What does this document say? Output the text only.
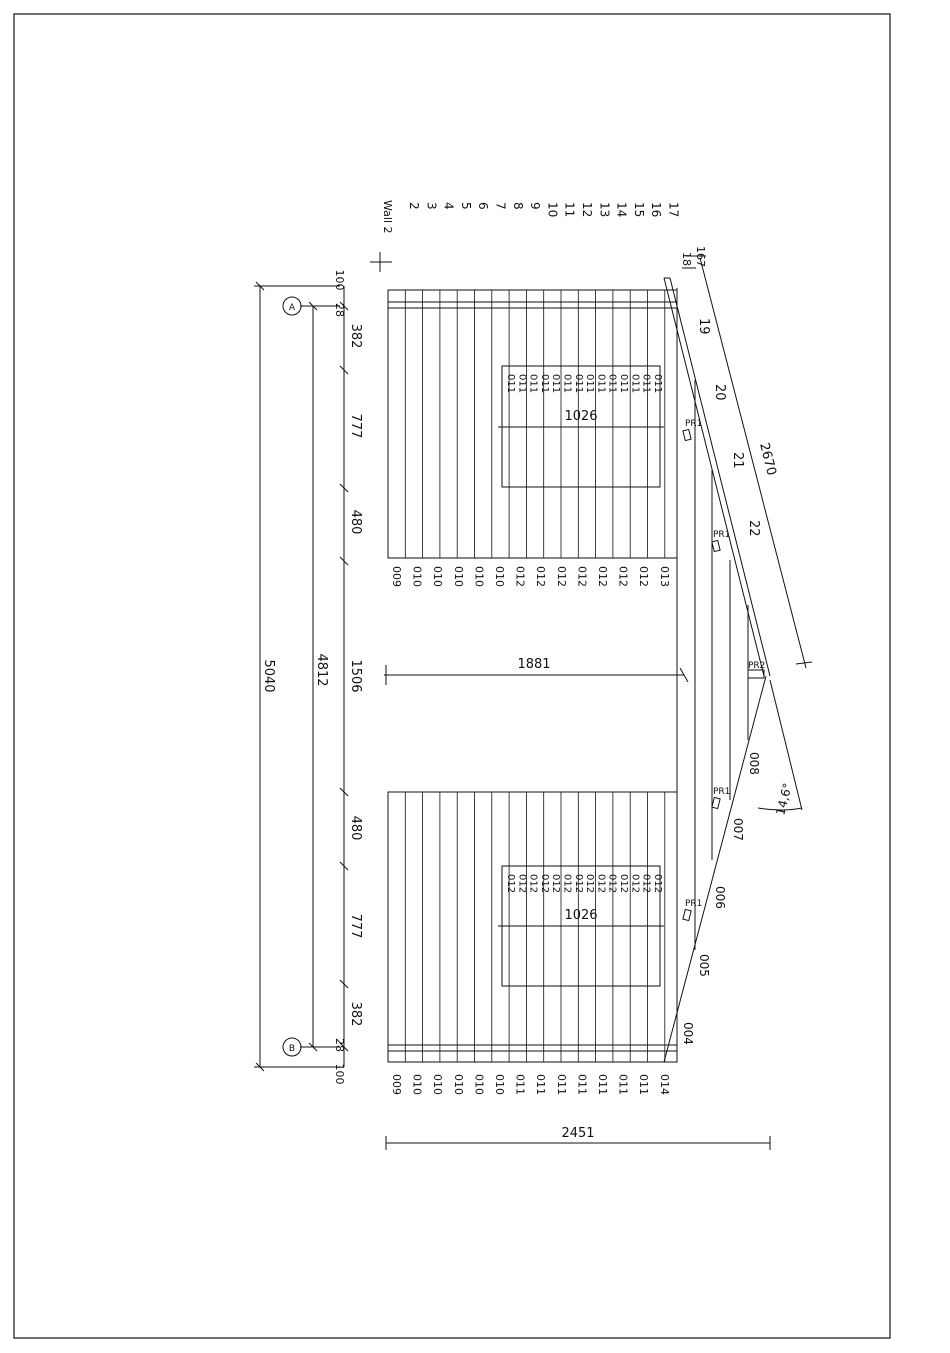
A
B
5040	4812
100
28
382
777
480
1506
480
777
382
28
100
Wall 2 2 3 4 5 6 7 8 9 10 11 12 13 14 15 16 17
011 011 011 011 011 011 011 011 011 011 011 011 011 011
012 012 012 012 012 012 012 012 012 012 012 012 012 012
1026
1026
1881
009 010 010 010 010 010 012 012 012 012 012 012 012 013
009 010 010 010 010 010 011 011 011 011 011 011 011 014
PR1
PR1
PR2
PR1
PR1
18
19
20
21
22
16
7
2670
14,6°
008
007
006
005
004
2451
